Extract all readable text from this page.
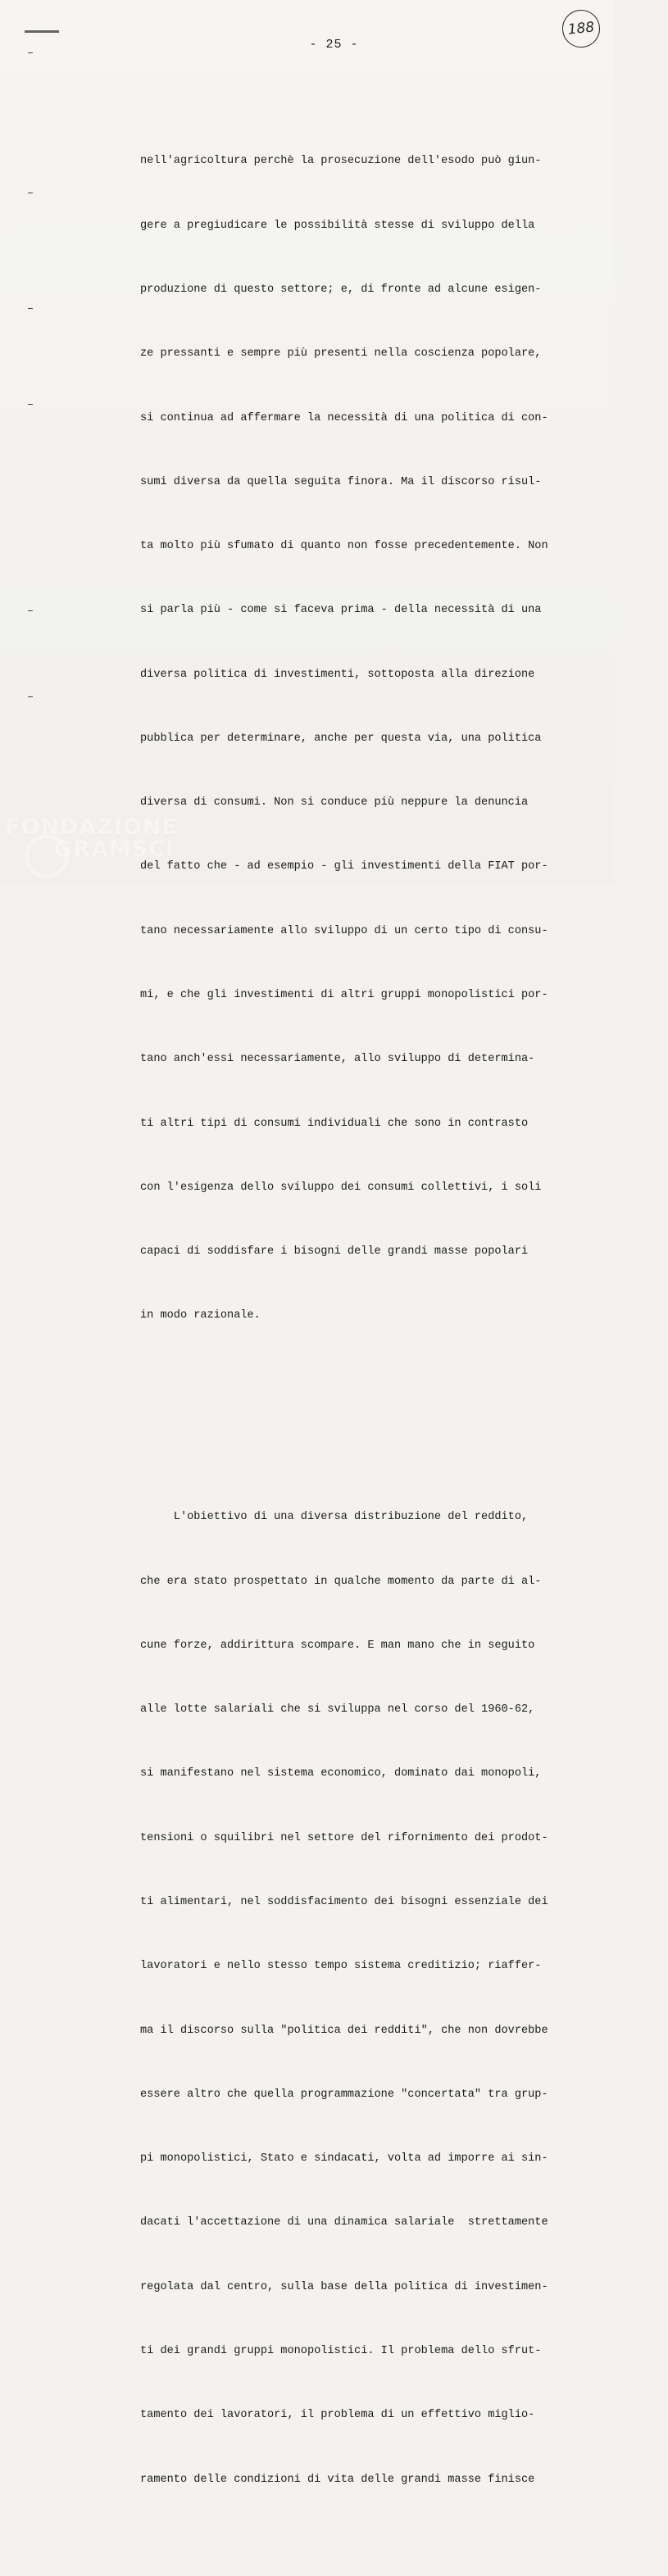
- 25 -
188

nell'agricoltura perchè la prosecuzione dell'esodo può giun-

gere a pregiudicare le possibilità stesse di sviluppo della

produzione di questo settore; e, di fronte ad alcune esigen-

ze pressanti e sempre più presenti nella coscienza popolare,

si continua ad affermare la necessità di una politica di con-

sumi diversa da quella seguita finora. Ma il discorso risul-

ta molto più sfumato di quanto non fosse precedentemente. Non

si parla più - come si faceva prima - della necessità di una

diversa politica di investimenti, sottoposta alla direzione

pubblica per determinare, anche per questa via, una politica

diversa di consumi. Non si conduce più neppure la denuncia

del fatto che - ad esempio - gli investimenti della FIAT por-

tano necessariamente allo sviluppo di un certo tipo di consu-

mi, e che gli investimenti di altri gruppi monopolistici por-

tano anch'essi necessariamente, allo sviluppo di determina-

ti altri tipi di consumi individuali che sono in contrasto

con l'esigenza dello sviluppo dei consumi collettivi, i soli

capaci di soddisfare i bisogni delle grandi masse popolari

in modo razionale.

L'obiettivo di una diversa distribuzione del reddito,

che era stato prospettato in qualche momento da parte di al-

cune forze, addirittura scompare. E man mano che in seguito

alle lotte salariali che si sviluppa nel corso del 1960-62,

si manifestano nel sistema economico, dominato dai monopoli,

tensioni o squilibri nel settore del rifornimento dei prodot-

ti alimentari, nel soddisfacimento dei bisogni essenziale dei

lavoratori e nello stesso tempo sistema creditizio; riaffer-

ma il discorso sulla "politica dei redditi", che non dovrebbe

essere altro che quella programmazione "concertata" tra grup-

pi monopolistici, Stato e sindacati, volta ad imporre ai sin-

dacati l'accettazione di una dinamica salariale  strettamente

regolata dal centro, sulla base della politica di investimen-

ti dei grandi gruppi monopolistici. Il problema dello sfrut-

tamento dei lavoratori, il problema di un effettivo miglio-

ramento delle condizioni di vita delle grandi masse finisce

FONDAZIONE
GRAMSCI
